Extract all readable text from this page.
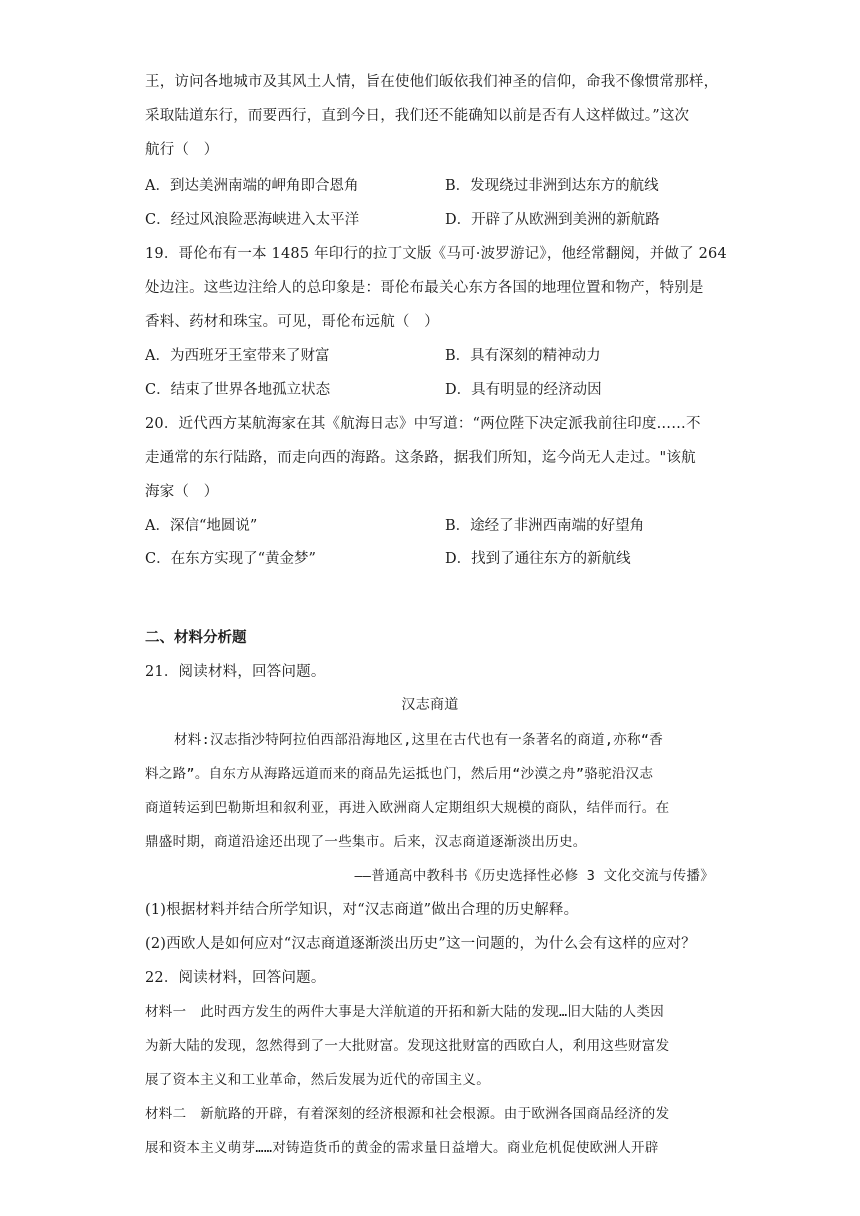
王，访问各地城市及其风土人情，旨在使他们皈依我们神圣的信仰，命我不像惯常那样，
采取陆道东行，而要西行，直到今日，我们还不能确知以前是否有人这样做过。”这次
航行（　）
A．到达美洲南端的岬角即合恩角	B．发现绕过非洲到达东方的航线
C．经过风浪险恶海峡进入太平洋	D．开辟了从欧洲到美洲的新航路
19．哥伦布有一本 1485 年印行的拉丁文版《马可·波罗游记》，他经常翻阅，并做了 264
处边注。这些边注给人的总印象是：哥伦布最关心东方各国的地理位置和物产，特别是
香料、药材和珠宝。可见，哥伦布远航（　）
A．为西班牙王室带来了财富	B．具有深刻的精神动力
C．结束了世界各地孤立状态	D．具有明显的经济动因
20．近代西方某航海家在其《航海日志》中写道：“两位陛下决定派我前往印度……不
走通常的东行陆路，而走向西的海路。这条路，据我们所知，迄今尚无人走过。"该航
海家（　）
A．深信“地圆说”	B．途经了非洲西南端的好望角
C．在东方实现了“黄金梦”	D．找到了通往东方的新航线
二、材料分析题
21．阅读材料，回答问题。
汉志商道
材料:汉志指沙特阿拉伯西部沿海地区,这里在古代也有一条著名的商道,亦称“香
料之路”。自东方从海路远道而来的商品先运抵也门，然后用“沙漠之舟”骆驼沿汉志
商道转运到巴勒斯坦和叙利亚，再进入欧洲商人定期组织大规模的商队，结伴而行。在
鼎盛时期，商道沿途还出现了一些集市。后来，汉志商道逐渐淡出历史。
——普通高中教科书《历史选择性必修 3 文化交流与传播》
(1)根据材料并结合所学知识，对“汉志商道”做出合理的历史解释。
(2)西欧人是如何应对“汉志商道逐渐淡出历史”这一问题的，为什么会有这样的应对？
22．阅读材料，回答问题。
材料一　此时西方发生的两件大事是大洋航道的开拓和新大陆的发现…旧大陆的人类因
为新大陆的发现，忽然得到了一大批财富。发现这批财富的西欧白人，利用这些财富发
展了资本主义和工业革命，然后发展为近代的帝国主义。
材料二　新航路的开辟，有着深刻的经济根源和社会根源。由于欧洲各国商品经济的发
展和资本主义萌芽……对铸造货币的黄金的需求量日益增大。商业危机促使欧洲人开辟
